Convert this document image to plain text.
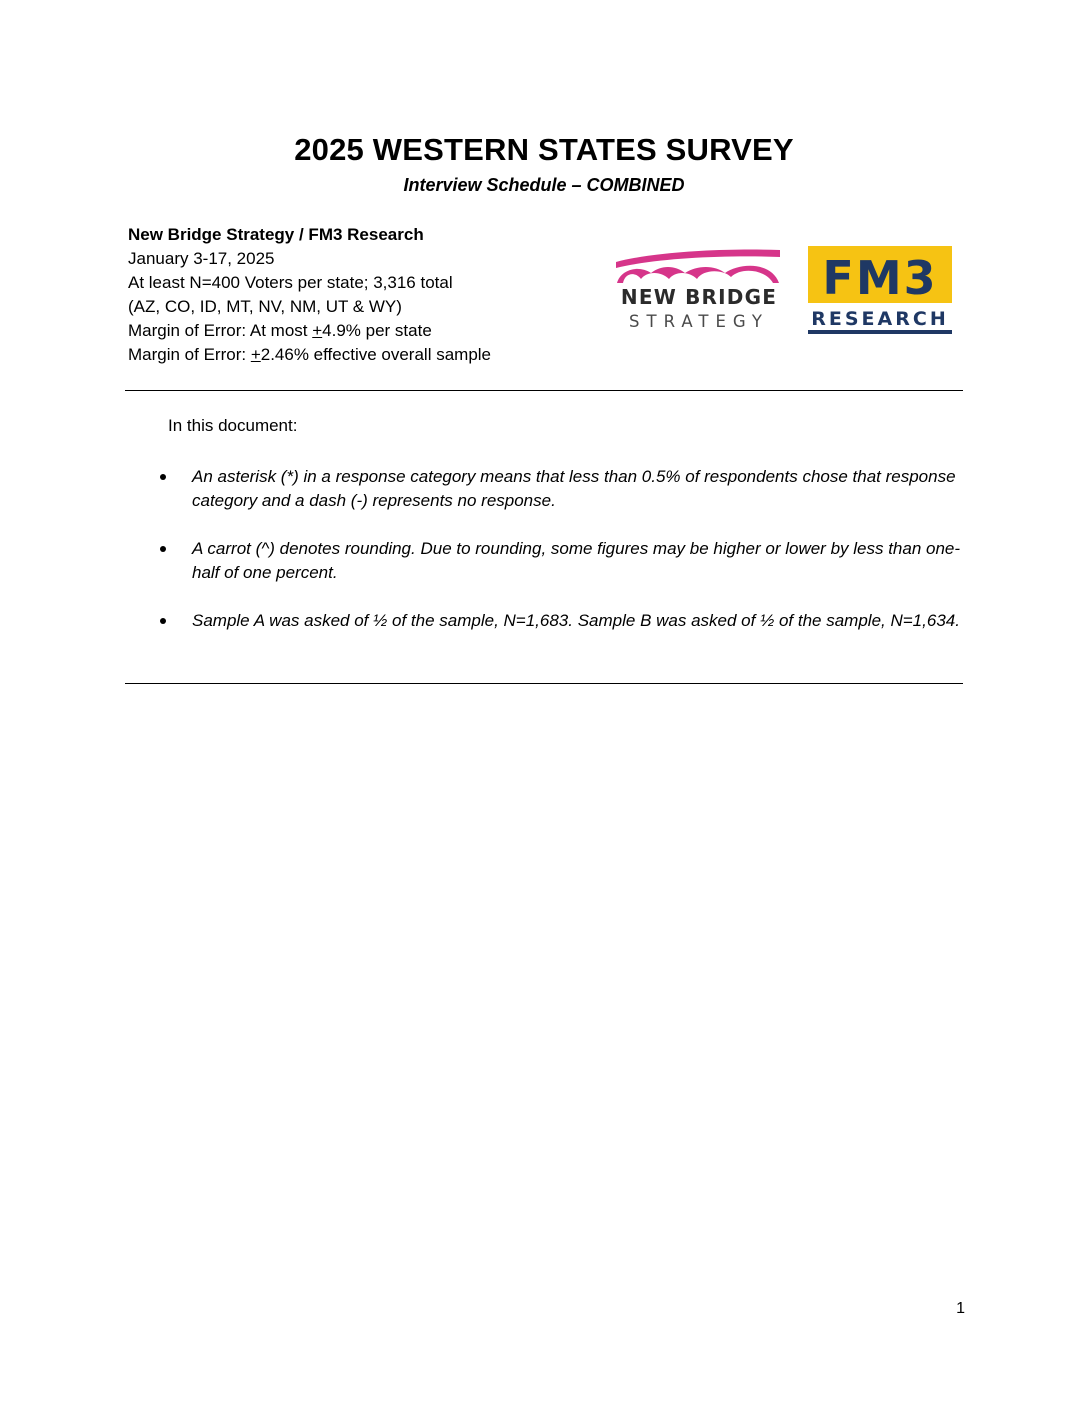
2025 WESTERN STATES SURVEY
Interview Schedule – COMBINED
New Bridge Strategy / FM3 Research
January 3-17, 2025
At least N=400 Voters per state; 3,316 total
(AZ, CO, ID, MT, NV, NM, UT & WY)
Margin of Error: At most +4.9% per state
Margin of Error: +2.46% effective overall sample
NEW BRIDGE
STRATEGY
FM3
RESEARCH
In this document:
An asterisk (*) in a response category means that less than 0.5% of respondents chose that response category and a dash (-) represents no response.
A carrot (^) denotes rounding. Due to rounding, some figures may be higher or lower by less than one-half of one percent.
Sample A was asked of ½ of the sample, N=1,683. Sample B was asked of ½ of the sample, N=1,634.
1
